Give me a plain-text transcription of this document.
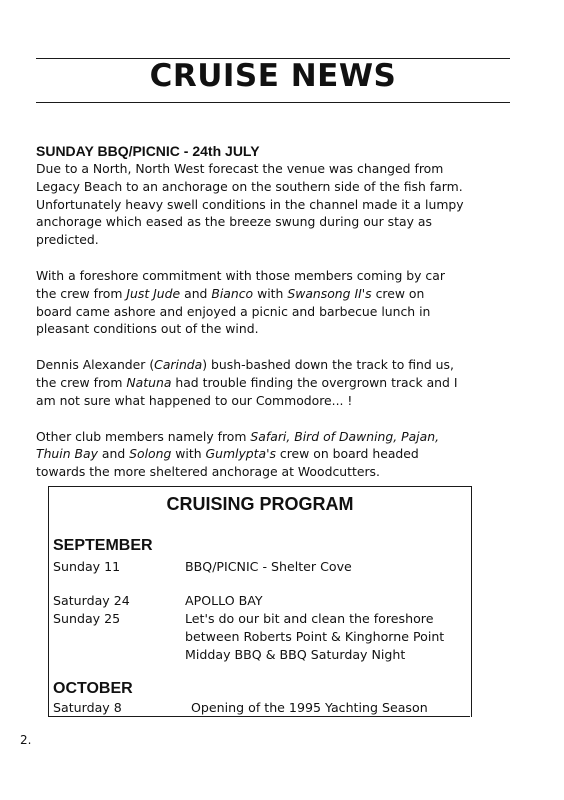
CRUISE NEWS

SUNDAY BBQ/PICNIC - 24th JULY

Due to a North, North West forecast the venue was changed from
Legacy Beach to an anchorage on the southern side of the fish farm.
Unfortunately heavy swell conditions in the channel made it a lumpy
anchorage which eased as the breeze swung during our stay as
predicted.

With a foreshore commitment with those members coming by car
the crew from Just Jude and Bianco with Swansong II's crew on
board came ashore and enjoyed a picnic and barbecue lunch in
pleasant conditions out of the wind.

Dennis Alexander (Carinda) bush-bashed down the track to find us,
the crew from Natuna had trouble finding the overgrown track and I
am not sure what happened to our Commodore... !

Other club members namely from Safari, Bird of Dawning, Pajan,
Thuin Bay and Solong with Gumlypta's crew on board headed
towards the more sheltered anchorage at Woodcutters.

CRUISING PROGRAM
SEPTEMBER
Sunday 11	BBQ/PICNIC - Shelter Cove
Saturday 24	APOLLO BAY
Sunday 25	Let's do our bit and clean the foreshore
between Roberts Point & Kinghorne Point
Midday BBQ & BBQ Saturday Night
OCTOBER
Saturday 8	Opening of the 1995 Yachting Season
2.
